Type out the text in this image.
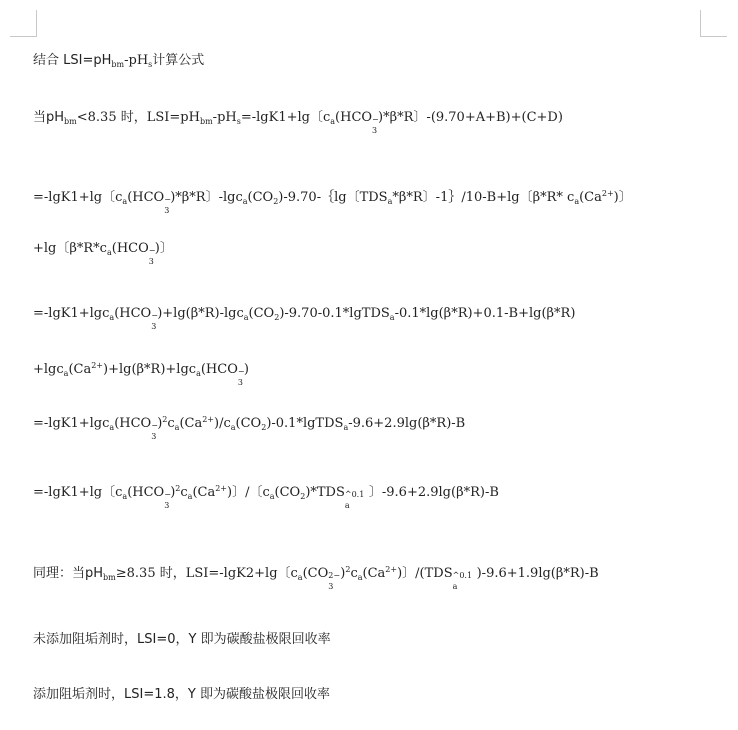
结合 $LSI=pH_{bm}-pH_s$计算公式
当$pH_{bm}<8.35$ 时，$LSI=pH_{bm}-pH_s=-\lg K1+\lg$〔$c_a(HCO$ −
3
)*β*R〕-(9.70+A+B)+(C+D)
=-lgK1+lg〔$c_a(HCO$ −
3
)*β*R〕$-\lg c_a(CO_2)-9.70-\{\lg$〔$TDS_a*\beta*R$〕-1｝/10-B+lg〔β*R* $c_a(Ca^{2+})$〕
+lg〔$\beta*R*c_a(HCO$ −
3
)〕
=-lgK1+lgc$_a$(HCO −
3
)$+\lg(\beta*R)-\lg c_a(CO_2)-9.70-0.1*lgTDS_a-0.1*\lg(\beta*R)+0.1-B+\lg(\beta*R)$
$+\lg c_a(Ca^{2+})+\lg(\beta*R)+\lg c_a(HCO$ −
3
)
=-lgK1+lgc$_a$(HCO −
3
)$^2c_a(Ca^{2+})/c_a(CO_2)-0.1*lgTDS_a-9.6+2.9\lg(\beta*R)-B$
=-lgK1+lg〔$c_a(HCO$ −
3
)$^2c_a(Ca^{2+})$〕/〔$c_a(CO_2)*TDS$ ^0.1
a
〕-9.6+2.9lg(β*R)-B
同理：当$pH_{bm}\ge 8.35$ 时，LSI=-lgK2+lg〔$c_a(CO$ 2−
3
)$^2c_a(Ca^{2+})$〕/(TDS ^0.1
a
)-9.6+1.9lg(β*R)-B
未添加阻垢剂时，LSI=0，Y 即为碳酸盐极限回收率
添加阻垢剂时，LSI=1.8，Y 即为碳酸盐极限回收率
